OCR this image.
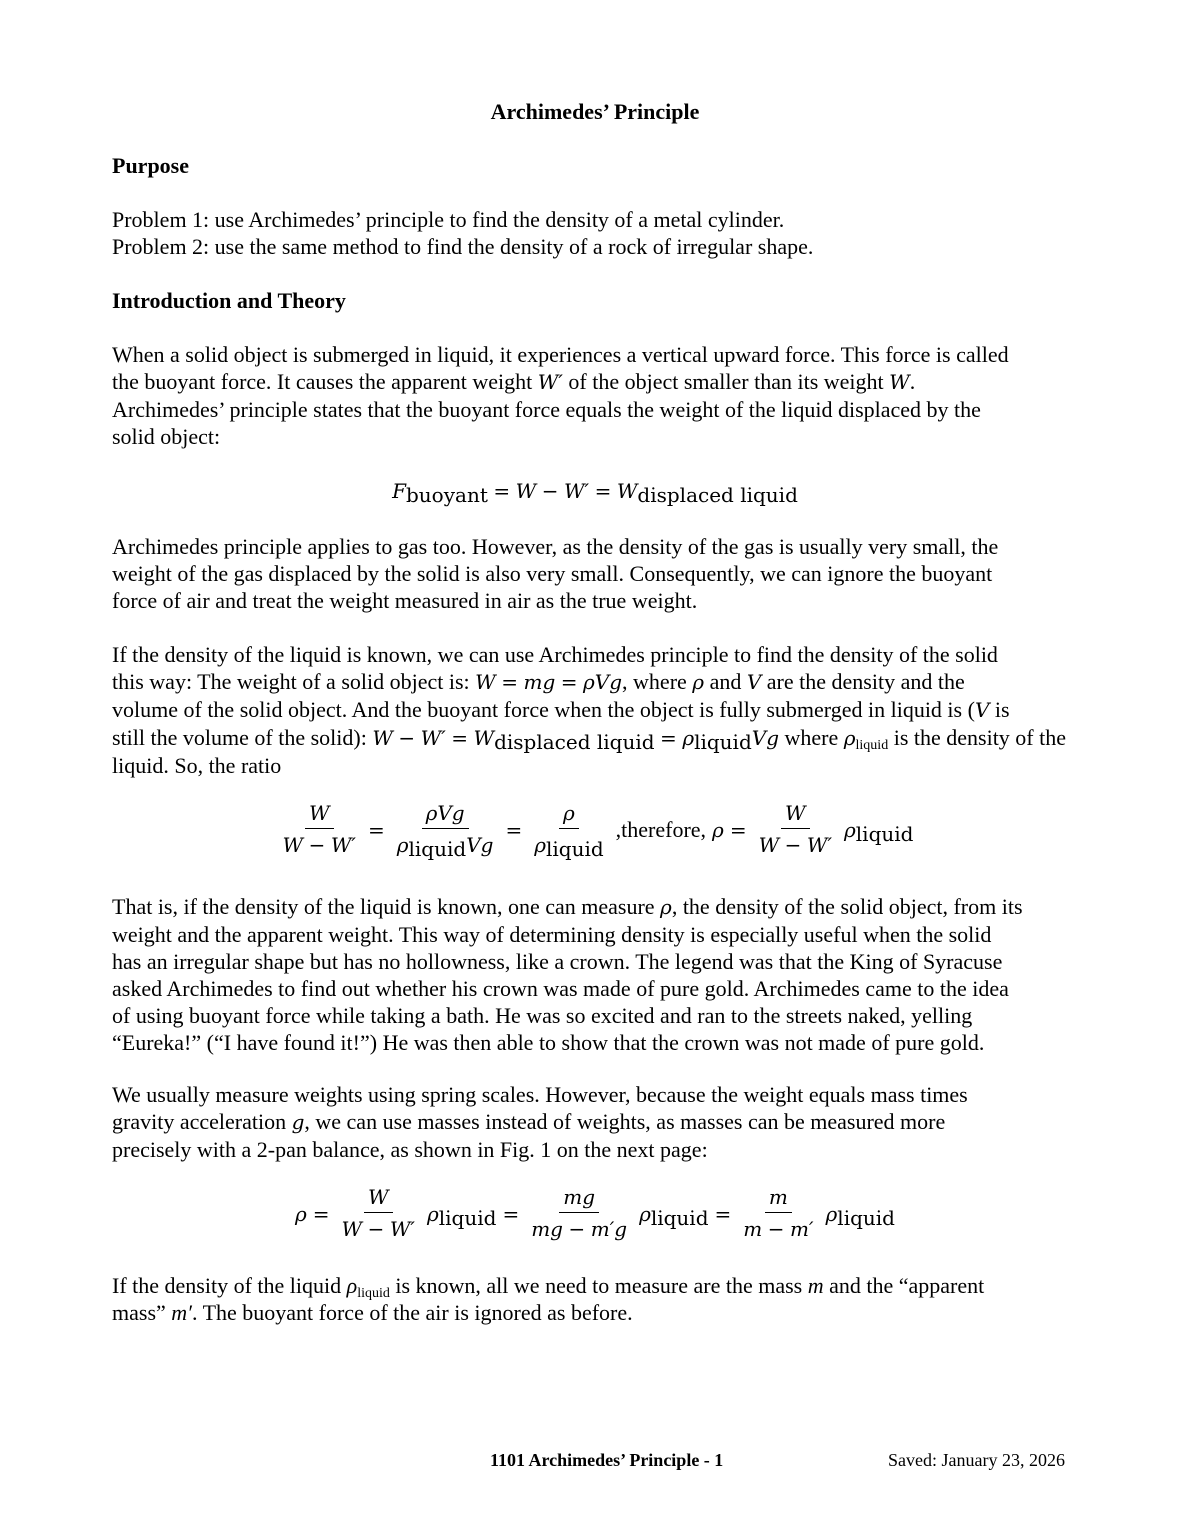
Archimedes’ Principle
Purpose
Problem 1: use Archimedes’ principle to find the density of a metal cylinder.
Problem 2: use the same method to find the density of a rock of irregular shape.
Introduction and Theory
When a solid object is submerged in liquid, it experiences a vertical upward force. This force is called
the buoyant force. It causes the apparent weight W′ of the object smaller than its weight W.
Archimedes’ principle states that the buoyant force equals the weight of the liquid displaced by the
solid object:
$F_{buoyant} = W - W' = W_{displaced liquid}$
Archimedes principle applies to gas too. However, as the density of the gas is usually very small, the
weight of the gas displaced by the solid is also very small. Consequently, we can ignore the buoyant
force of air and treat the weight measured in air as the true weight.
If the density of the liquid is known, we can use Archimedes principle to find the density of the solid
this way: The weight of a solid object is: W = mg = ρVg, where ρ and V are the density and the
volume of the solid object. And the buoyant force when the object is fully submerged in liquid is (V is
still the volume of the solid): $W - W' = W_{displaced liquid} = \rho_{liquid}Vg$ where $\rho_{liquid}$ is the density of the
liquid. So, the ratio
$\frac{W}{W - W'} = \frac{\text{ρVg}}{\rho_{liquid}Vg} = \frac{\rho}{\rho_{liquid}}$ ,therefore, $\rho = \frac{W}{W - W'} \rho_{liquid}$
That is, if the density of the liquid is known, one can measure ρ, the density of the solid object, from its
weight and the apparent weight. This way of determining density is especially useful when the solid
has an irregular shape but has no hollowness, like a crown. The legend was that the King of Syracuse
asked Archimedes to find out whether his crown was made of pure gold. Archimedes came to the idea
of using buoyant force while taking a bath. He was so excited and ran to the streets naked, yelling
“Eureka!” (“I have found it!”) He was then able to show that the crown was not made of pure gold.
We usually measure weights using spring scales. However, because the weight equals mass times
gravity acceleration g, we can use masses instead of weights, as masses can be measured more
precisely with a 2-pan balance, as shown in Fig. 1 on the next page:
$\rho = \frac{W}{W - W'} \rho_{liquid} = \frac{mg}{mg - m'g} \rho_{liquid} = \frac{m}{m - m'} \rho_{liquid}$
If the density of the liquid $\rho_{liquid}$ is known, all we need to measure are the mass m and the “apparent
mass” m′. The buoyant force of the air is ignored as before.
1101 Archimedes’ Principle - 1	Saved: January 23, 2026
